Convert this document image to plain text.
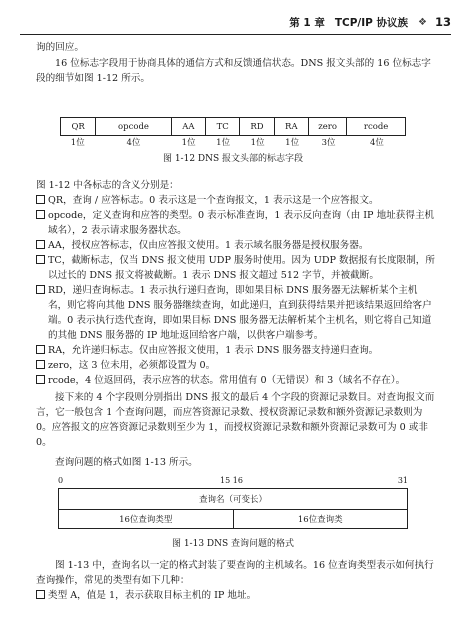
第 1 章 TCP/IP 协议族 ❖ 13
询的回应。
16 位标志字段用于协商具体的通信方式和反馈通信状态。DNS 报文头部的 16 位标志字段的细节如图 1-12 所示。
QR	opcode	AA	TC	RD	RA	zero	rcode
1位	4位	1位	1位	1位	1位	3位	4位
图 1-12 DNS 报文头部的标志字段
图 1-12 中各标志的含义分别是：
QR，查询 / 应答标志。0 表示这是一个查询报文，1 表示这是一个应答报文。
opcode，定义查询和应答的类型。0 表示标准查询，1 表示反向查询（由 IP 地址获得主机域名），2 表示请求服务器状态。
AA，授权应答标志，仅由应答报文使用。1 表示域名服务器是授权服务器。
TC，截断标志，仅当 DNS 报文使用 UDP 服务时使用。因为 UDP 数据报有长度限制，所以过长的 DNS 报文将被截断。1 表示 DNS 报文超过 512 字节，并被截断。
RD，递归查询标志。1 表示执行递归查询，即如果目标 DNS 服务器无法解析某个主机名，则它将向其他 DNS 服务器继续查询，如此递归，直到获得结果并把该结果返回给客户端。0 表示执行迭代查询，即如果目标 DNS 服务器无法解析某个主机名，则它将自己知道的其他 DNS 服务器的 IP 地址返回给客户端，以供客户端参考。
RA，允许递归标志。仅由应答报文使用，1 表示 DNS 服务器支持递归查询。
zero，这 3 位未用，必须都设置为 0。
rcode，4 位返回码，表示应答的状态。常用值有 0（无错误）和 3（域名不存在）。
接下来的 4 个字段则分别指出 DNS 报文的最后 4 个字段的资源记录数目。对查询报文而言，它一般包含 1 个查询问题，而应答资源记录数、授权资源记录数和额外资源记录数则为 0。应答报文的应答资源记录数则至少为 1，而授权资源记录数和额外资源记录数可为 0 或非 0。
查询问题的格式如图 1-13 所示。
0	15 16	31
查询名（可变长）
16位查询类型	16位查询类
图 1-13 DNS 查询问题的格式
图 1-13 中，查询名以一定的格式封装了要查询的主机域名。16 位查询类型表示如何执行查询操作，常见的类型有如下几种：
类型 A，值是 1，表示获取目标主机的 IP 地址。
